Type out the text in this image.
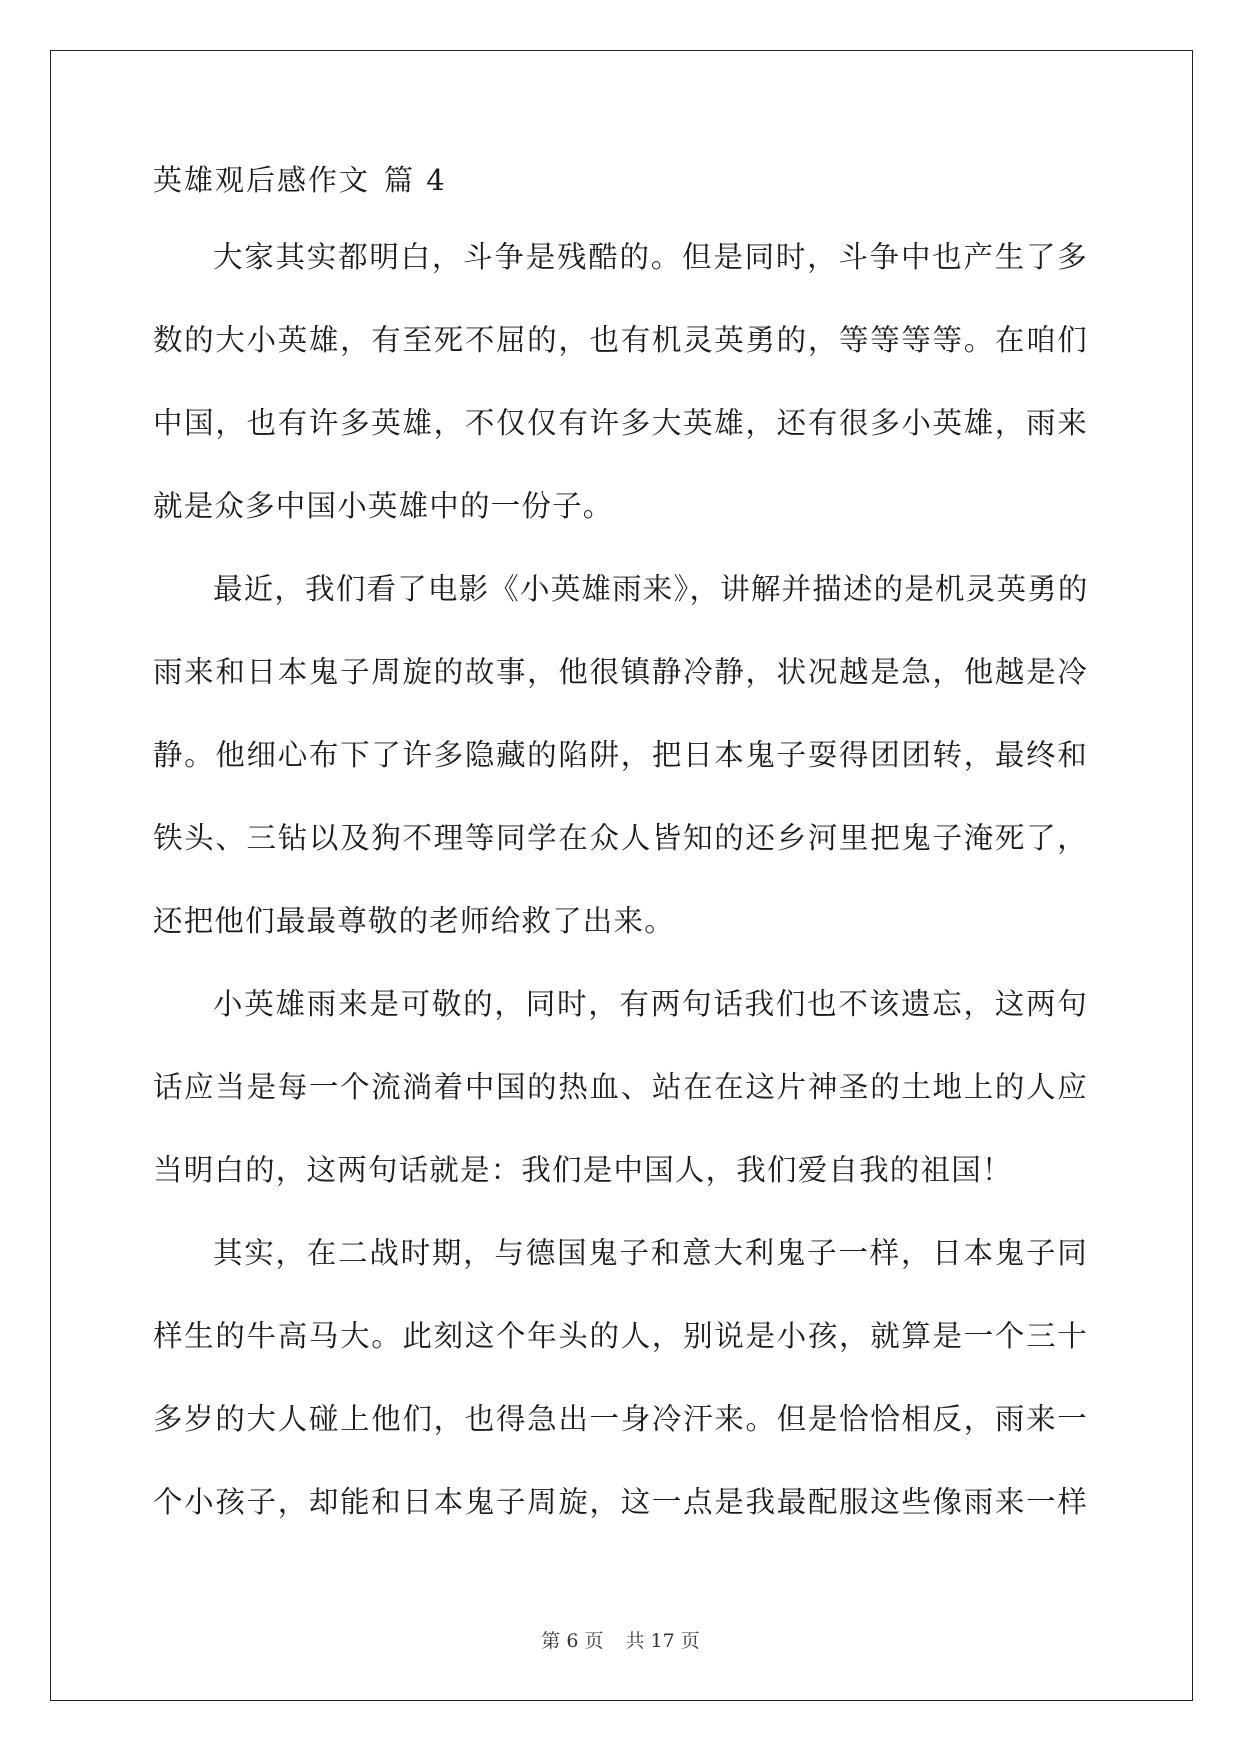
英雄观后感作文 篇 4
大家其实都明白，斗争是残酷的。但是同时，斗争中也产生了多
数的大小英雄，有至死不屈的，也有机灵英勇的，等等等等。在咱们
中国，也有许多英雄，不仅仅有许多大英雄，还有很多小英雄，雨来
就是众多中国小英雄中的一份子。
最近，我们看了电影《小英雄雨来》，讲解并描述的是机灵英勇的
雨来和日本鬼子周旋的故事，他很镇静冷静，状况越是急，他越是冷
静。他细心布下了许多隐藏的陷阱，把日本鬼子耍得团团转，最终和
铁头、三钻以及狗不理等同学在众人皆知的还乡河里把鬼子淹死了，
还把他们最最尊敬的老师给救了出来。
小英雄雨来是可敬的，同时，有两句话我们也不该遗忘，这两句
话应当是每一个流淌着中国的热血、站在在这片神圣的土地上的人应
当明白的，这两句话就是：我们是中国人，我们爱自我的祖国！
其实，在二战时期，与德国鬼子和意大利鬼子一样，日本鬼子同
样生的牛高马大。此刻这个年头的人，别说是小孩，就算是一个三十
多岁的大人碰上他们，也得急出一身冷汗来。但是恰恰相反，雨来一
个小孩子，却能和日本鬼子周旋，这一点是我最配服这些像雨来一样
第 6 页 共 17 页
